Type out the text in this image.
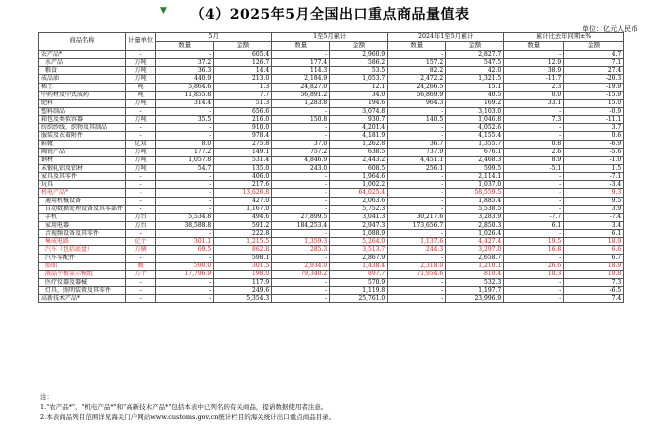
▼	（4）2025年5月全国出口重点商品量值表
单位：亿元人民币
商品名称	计量单位	5月		1至5月累计		2024年1至5月累计		累计比去年同期±%	
		数量	金额	数量	金额	数量	金额	数量	金额
农产品*	-	-	605.4	-	2,960.9	-	2,827.7	-	4.7
水产品	万吨	37.2	126.7	177.4	586.2	157.2	547.5	12.9	7.1
粮食	万吨	36.3	14.4	114.3	53.5	82.2	42.0	38.9	27.4
成品油	万吨	440.9	213.0	2,184.9	1,053.7	2,472.2	1,321.5	-11.7	-20.3
稀土	吨	5,864.6	1.3	24,827.0	12.1	24,266.5	15.1	2.3	-19.9
中药材及中式成药	吨	11,855.8	7.7	56,891.2	34.0	56,869.9	40.5	0.0	-15.9
肥料	万吨	314.4	51.3	1,283.8	194.6	964.3	169.2	33.1	15.0
塑料制品	-	-	656.6	-	3,074.8	-	3,103.0	-	-0.9
箱包及类似容器	万吨	35.5	216.0	150.8	930.7	140.5	1,046.8	7.3	-11.1
纺织纱线、织物及其制品	-	-	910.0	-	4,201.4	-	4,052.6	-	3.7
服装及衣着附件	-	-	978.4	-	4,181.9	-	4,155.4	-	0.6
鞋靴	亿双	8.0	275.8	37.0	1,262.8	36.7	1,355.7	0.8	-6.9
陶瓷产品	万吨	177.2	149.1	757.2	638.5	737.9	676.1	2.6	-5.6
钢材	万吨	1,057.8	531.4	4,846.9	2,443.2	4,451.1	2,468.3	8.9	-1.0
未锻轧铝及铝材	万吨	54.7	135.0	243.0	608.5	256.1	599.5	-5.1	1.5
家具及其零件	-	-	406.0	-	1,964.6	-	2,114.1	-	-7.1
玩具	-	-	217.6	-	1,002.2	-	1,037.0	-	-3.4
机电产品*	-	-	13,626.8	-	64,025.4	-	58,559.5	-	9.3
通用机械设备	-	-	427.0	-	2,063.6	-	1,885.4	-	9.5
自动数据处理设备及其零部件	-	-	1,167.0	-	5,752.3	-	5,538.5	-	3.9
手机	万台	5,534.8	494.6	27,899.5	3,041.3	30,217.6	3,283.9	-7.7	-7.4
家用电器	万台	38,588.8	591.2	184,253.4	2,947.3	173,656.7	2,850.3	6.1	3.4
音视频设备及其零件	-	-	222.8	-	1,088.9	-	1,026.4	-	6.1
集成电路	亿个	301.1	1,215.5	1,359.3	5,264.0	1,137.6	4,427.4	19.5	18.9
汽车（包括底盘）	万辆	69.5	862.8	285.3	3,513.7	244.3	3,297.0	16.8	6.6
汽车零配件	-	-	598.1	-	2,867.9	-	2,658.7	-	6.7
船舶	艘	590.0	301.5	2,934.0	1,438.4	2,318.0	1,210.1	26.6	18.9
液晶平板显示模组	万个	17,796.9	198.0	79,340.2	897.7	71,954.6	810.4	10.3	10.8
医疗仪器及器械	-	-	117.9	-	570.9	-	532.3	-	7.3
灯具、照明装置及其零件	-	-	249.6	-	1,119.8	-	1,197.7	-	-6.5
高新技术产品*	-	-	5,354.3	-	25,761.0	-	23,996.9	-	7.4
注：
1."农产品*"、"机电产品*"和"高新技术产品*"包括本表中已列名的有关商品，提请数据使用者注意。
2.本表商品列目范围详见海关门户网站www.customs.gov.cn统计栏目的海关统计出口重点商品目录。
